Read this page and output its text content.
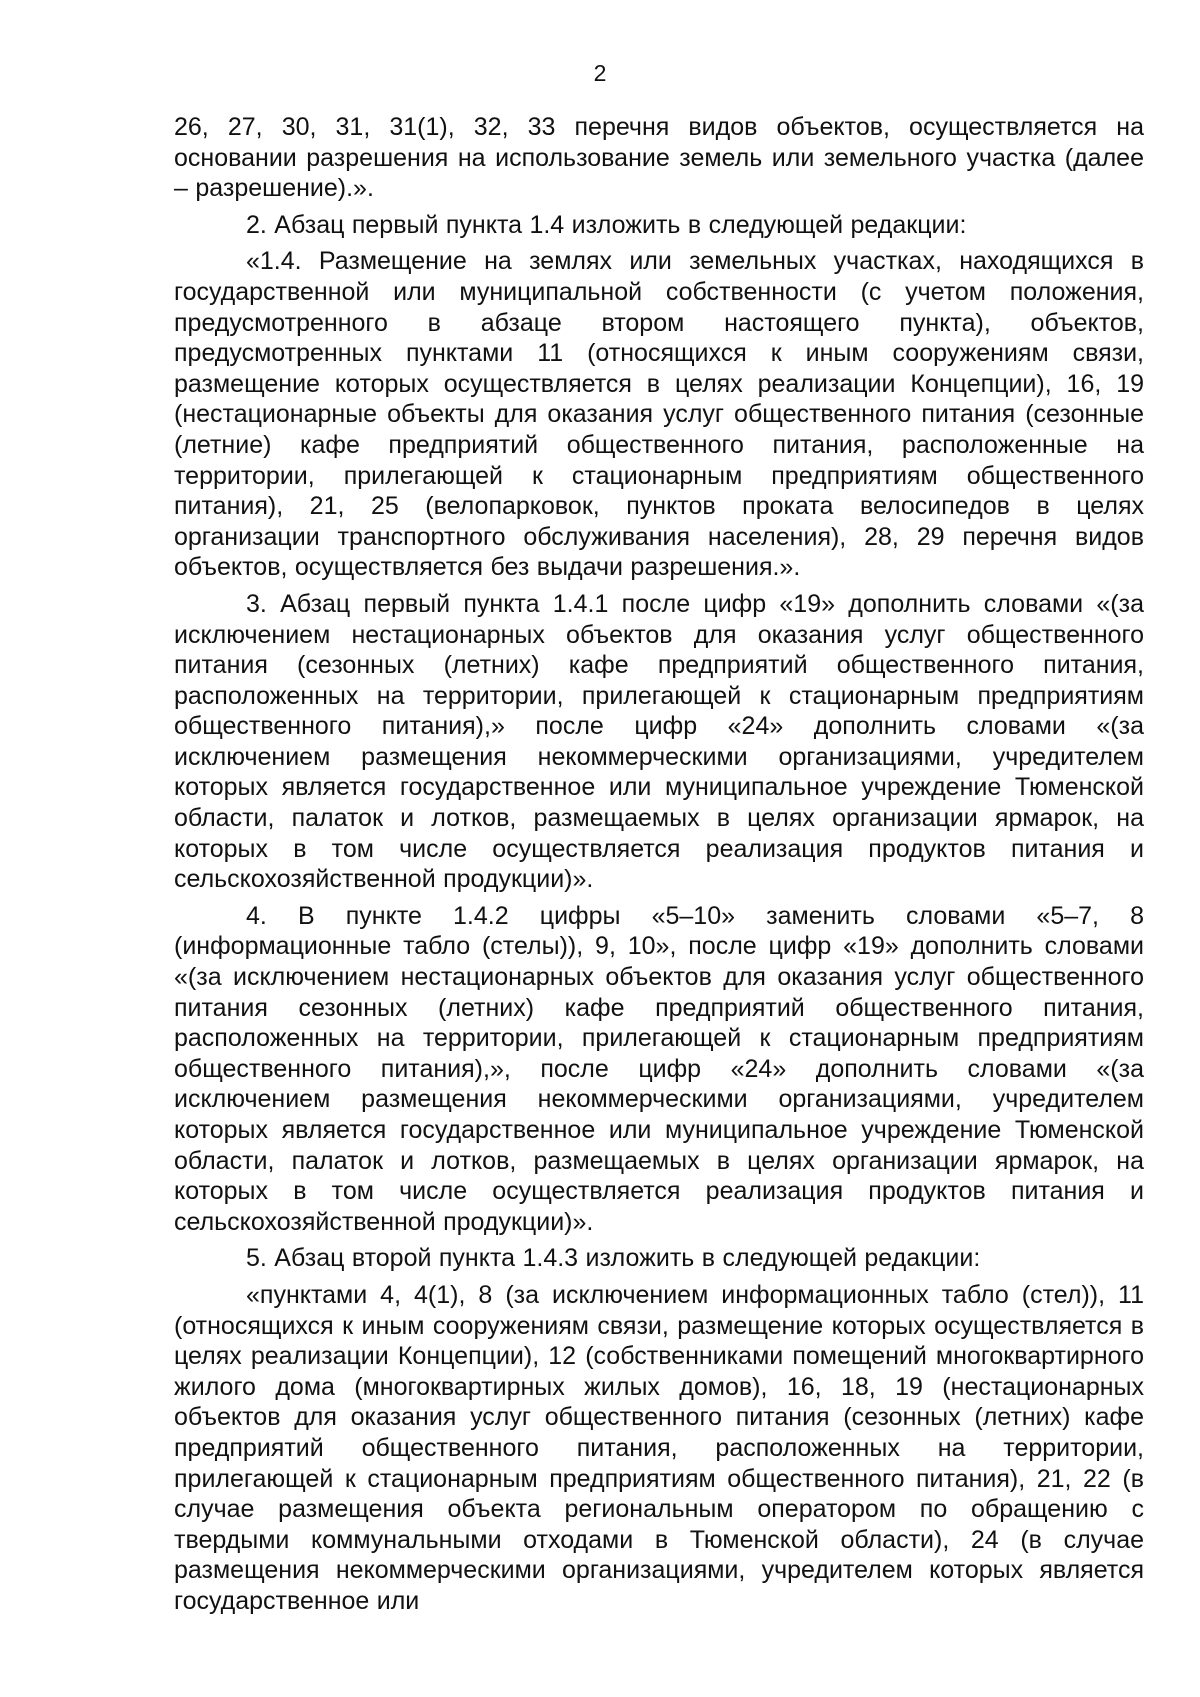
2

26, 27, 30, 31, 31(1), 32, 33 перечня видов объектов, осуществляется на основании разрешения на использование земель или земельного участка (далее – разрешение).».

2. Абзац первый пункта 1.4 изложить в следующей редакции:

«1.4. Размещение на землях или земельных участках, находящихся в государственной или муниципальной собственности (с учетом положения, предусмотренного в абзаце втором настоящего пункта), объектов, предусмотренных пунктами 11 (относящихся к иным сооружениям связи, размещение которых осуществляется в целях реализации Концепции), 16, 19 (нестационарные объекты для оказания услуг общественного питания (сезонные (летние) кафе предприятий общественного питания, расположенные на территории, прилегающей к стационарным предприятиям общественного питания), 21, 25 (велопарковок, пунктов проката велосипедов в целях организации транспортного обслуживания населения), 28, 29 перечня видов объектов, осуществляется без выдачи разрешения.».

3. Абзац первый пункта 1.4.1 после цифр «19» дополнить словами «(за исключением нестационарных объектов для оказания услуг общественного питания (сезонных (летних) кафе предприятий общественного питания, расположенных на территории, прилегающей к стационарным предприятиям общественного питания),» после цифр «24» дополнить словами «(за исключением размещения некоммерческими организациями, учредителем которых является государственное или муниципальное учреждение Тюменской области, палаток и лотков, размещаемых в целях организации ярмарок, на которых в том числе осуществляется реализация продуктов питания и сельскохозяйственной продукции)».

4. В пункте 1.4.2 цифры «5–10» заменить словами «5–7, 8 (информационные табло (стелы)), 9, 10», после цифр «19» дополнить словами «(за исключением нестационарных объектов для оказания услуг общественного питания сезонных (летних) кафе предприятий общественного питания, расположенных на территории, прилегающей к стационарным предприятиям общественного питания),», после цифр «24» дополнить словами «(за исключением размещения некоммерческими организациями, учредителем которых является государственное или муниципальное учреждение Тюменской области, палаток и лотков, размещаемых в целях организации ярмарок, на которых в том числе осуществляется реализация продуктов питания и сельскохозяйственной продукции)».

5. Абзац второй пункта 1.4.3 изложить в следующей редакции:

«пунктами 4, 4(1), 8 (за исключением информационных табло (стел)), 11 (относящихся к иным сооружениям связи, размещение которых осуществляется в целях реализации Концепции), 12 (собственниками помещений многоквартирного жилого дома (многоквартирных жилых домов), 16, 18, 19 (нестационарных объектов для оказания услуг общественного питания (сезонных (летних) кафе предприятий общественного питания, расположенных на территории, прилегающей к стационарным предприятиям общественного питания), 21, 22 (в случае размещения объекта региональным оператором по обращению с твердыми коммунальными отходами в Тюменской области), 24 (в случае размещения некоммерческими организациями, учредителем которых является государственное или
